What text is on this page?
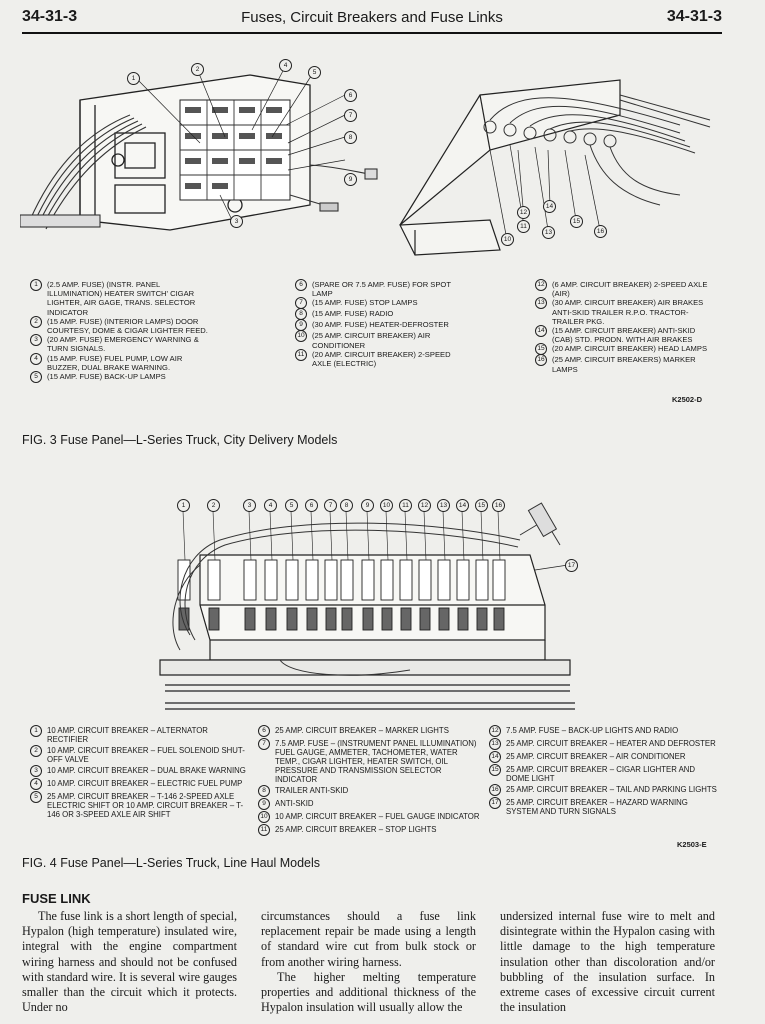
34-31-3	Fuses, Circuit Breakers and Fuse Links	34-31-3
1
2
3
4
5
6
7
8
9
10
11
12
13
14
15
16
1	(2.5 AMP. FUSE) (INSTR. PANEL ILLUMINATION) HEATER SWITCH' CIGAR LIGHTER, AIR GAGE, TRANS. SELECTOR INDICATOR
2	(15 AMP. FUSE) (INTERIOR LAMPS) DOOR COURTESY, DOME & CIGAR LIGHTER FEED.
3	(20 AMP. FUSE) EMERGENCY WARNING & TURN SIGNALS.
4	(15 AMP. FUSE) FUEL PUMP, LOW AIR BUZZER, DUAL BRAKE WARNING.
5	(15 AMP. FUSE) BACK-UP LAMPS
6	(SPARE OR 7.5 AMP. FUSE) FOR SPOT LAMP
7	(15 AMP. FUSE) STOP LAMPS
8	(15 AMP. FUSE) RADIO
9	(30 AMP. FUSE) HEATER-DEFROSTER
10 (25 AMP. CIRCUIT BREAKER) AIR CONDITIONER
11	(20 AMP. CIRCUIT BREAKER) 2-SPEED AXLE (ELECTRIC)
12 (6 AMP. CIRCUIT BREAKER) 2-SPEED AXLE (AIR)
13 (30 AMP. CIRCUIT BREAKER) AIR BRAKES ANTI-SKID TRAILER R.P.O. TRACTOR-TRAILER PKG.
14 (15 AMP. CIRCUIT BREAKER) ANTI-SKID (CAB) STD. PRODN. WITH AIR BRAKES
15 (20 AMP. CIRCUIT BREAKER) HEAD LAMPS
16 (25 AMP. CIRCUIT BREAKERS) MARKER LAMPS
K2502-D
FIG. 3 Fuse Panel—L-Series Truck, City Delivery Models
1	2	3	4	5	6	7	8	9	10	11	12	13	14	15	16
17
1	10 AMP. CIRCUIT BREAKER – ALTERNATOR RECTIFIER
2	10 AMP. CIRCUIT BREAKER – FUEL SOLENOID SHUT-OFF VALVE
3	10 AMP. CIRCUIT BREAKER – DUAL BRAKE WARNING
4	10 AMP. CIRCUIT BREAKER – ELECTRIC FUEL PUMP
5	25 AMP. CIRCUIT BREAKER – T-146 2-SPEED AXLE ELECTRIC SHIFT OR 10 AMP. CIRCUIT BREAKER – T-146 OR 3-SPEED AXLE AIR SHIFT
6	25 AMP. CIRCUIT BREAKER – MARKER LIGHTS
7	7.5 AMP. FUSE – (INSTRUMENT PANEL ILLUMINATION) FUEL GAUGE, AMMETER, TACHOMETER, WATER TEMP., CIGAR LIGHTER, HEATER SWITCH, OIL PRESSURE AND TRANSMISSION SELECTOR INDICATOR
8	TRAILER ANTI-SKID
9	ANTI-SKID
10 10 AMP. CIRCUIT BREAKER – FUEL GAUGE INDICATOR
11 25 AMP. CIRCUIT BREAKER – STOP LIGHTS
12 7.5 AMP. FUSE – BACK-UP LIGHTS AND RADIO
13 25 AMP. CIRCUIT BREAKER – HEATER AND DEFROSTER
14 25 AMP. CIRCUIT BREAKER – AIR CONDITIONER
15 25 AMP. CIRCUIT BREAKER – CIGAR LIGHTER AND DOME LIGHT
16 25 AMP. CIRCUIT BREAKER – TAIL AND PARKING LIGHTS
17 25 AMP. CIRCUIT BREAKER – HAZARD WARNING SYSTEM AND TURN SIGNALS
K2503-E
FIG. 4 Fuse Panel—L-Series Truck, Line Haul Models
FUSE LINK

The fuse link is a short length of special, Hypalon (high temperature) insulated wire, integral with the engine compartment wiring harness and should not be confused with standard wire. It is several wire gauges smaller than the circuit which it protects. Under no

circumstances should a fuse link replacement repair be made using a length of standard wire cut from bulk stock or from another wiring harness.

The higher melting temperature properties and additional thickness of the Hypalon insulation will usually allow the

undersized internal fuse wire to melt and disintegrate within the Hypalon casing with little damage to the high temperature insulation other than discoloration and/or bubbling of the insulation surface. In extreme cases of excessive circuit current the insulation
